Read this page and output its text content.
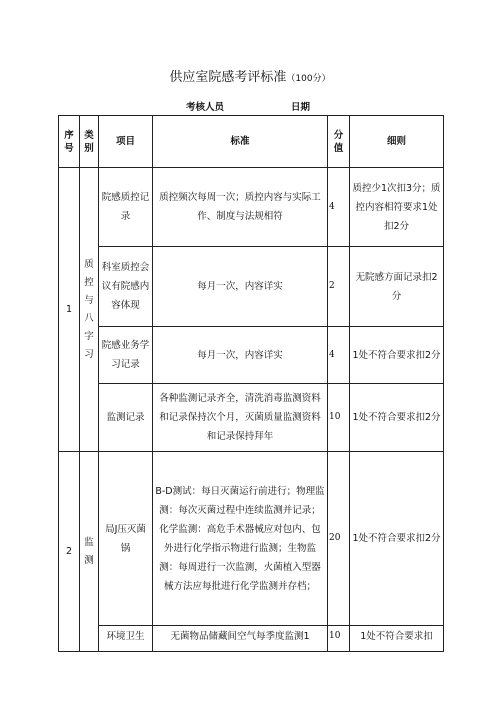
供应室院感考评标准（100分）
考核人员	日期
序号	类别	项目	标准	分值	细则
1	质控与八字习	院感质控记录	质控频次每周一次；质控内容与实际工作、制度与法规相符	4	质控少1次扣3分；质控内容相符要求1处扣2分
		科室质控会议有院感内容体现	每月一次，内容详实	2	无院感方面记录扣2分
		院感业务学习记录	每月一次，内容详实	4	1处不符合要求扣2分
		监测记录	各种监测记录齐全，清洗消毒监测资料和记录保持次个月，灭菌质量监测资料和记录保持拜年	10	1处不符合要求扣2分
2	监测	局J压灭菌锅	B-D测试：每日灭菌运行前进行；物理监测：每次灭菌过程中连续监测并记录；化学监测：高危手术器械应对包内、包外进行化学指示物进行监测；生物监测：每周进行一次监测，火菌植入型器械方法应每批进行化学监测并存档；	20	1处不符合要求扣2分
		环境卫生	无菌物品储藏间空气每季度监测1	10	1处不符合要求扣
